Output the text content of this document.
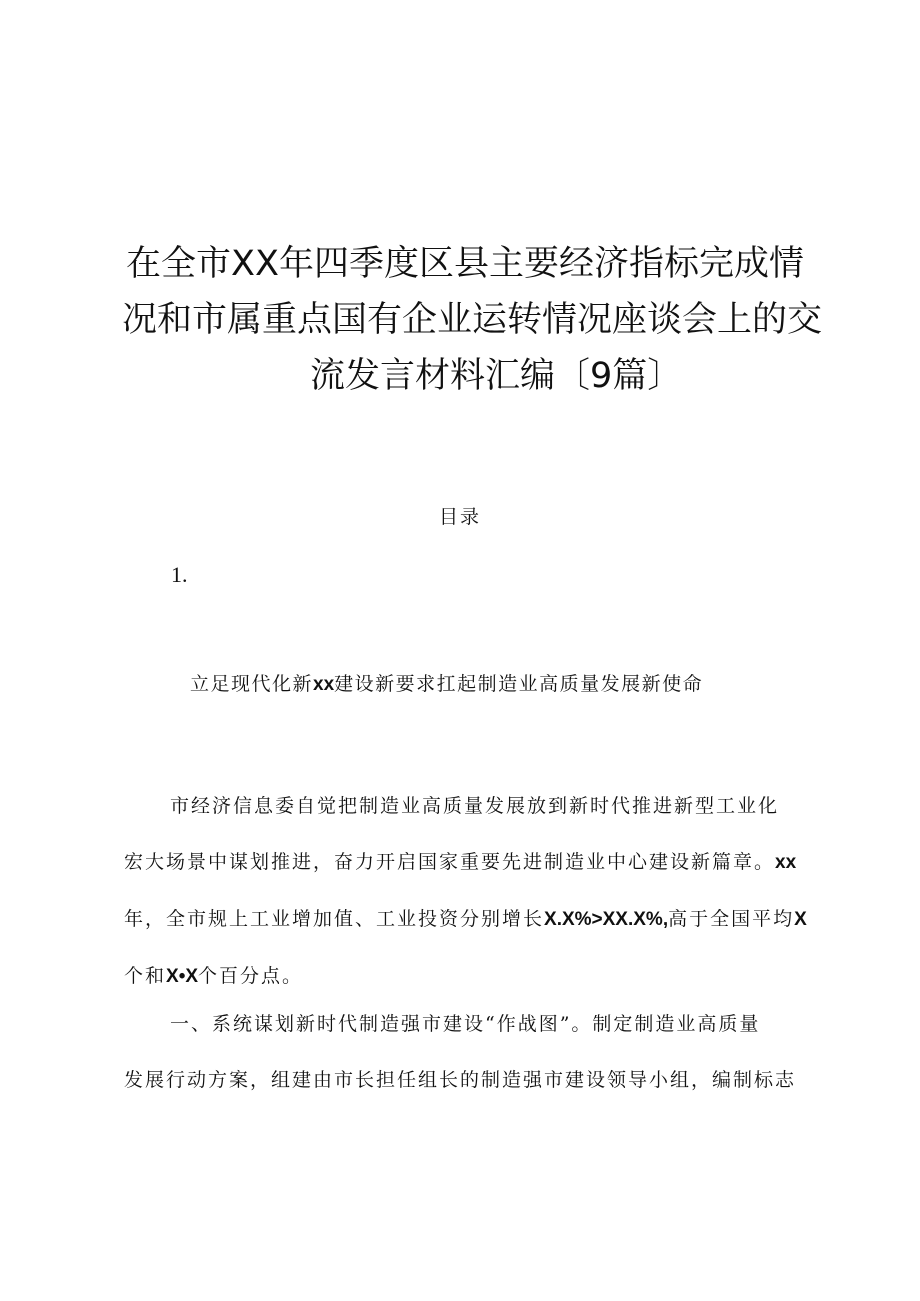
在全市XX年四季度区县主要经济指标完成情
况和市属重点国有企业运转情况座谈会上的交
流发言材料汇编〔9篇〕
目录
1.
立足现代化新xx建设新要求扛起制造业高质量发展新使命
市经济信息委自觉把制造业高质量发展放到新时代推进新型工业化
宏大场景中谋划推进，奋力开启国家重要先进制造业中心建设新篇章。xx
年，全市规上工业增加值、工业投资分别增长X.X%>XX.X%,高于全国平均X
个和X•X个百分点。
一、系统谋划新时代制造强市建设“作战图”。制定制造业高质量
发展行动方案，组建由市长担任组长的制造强市建设领导小组，编制标志
